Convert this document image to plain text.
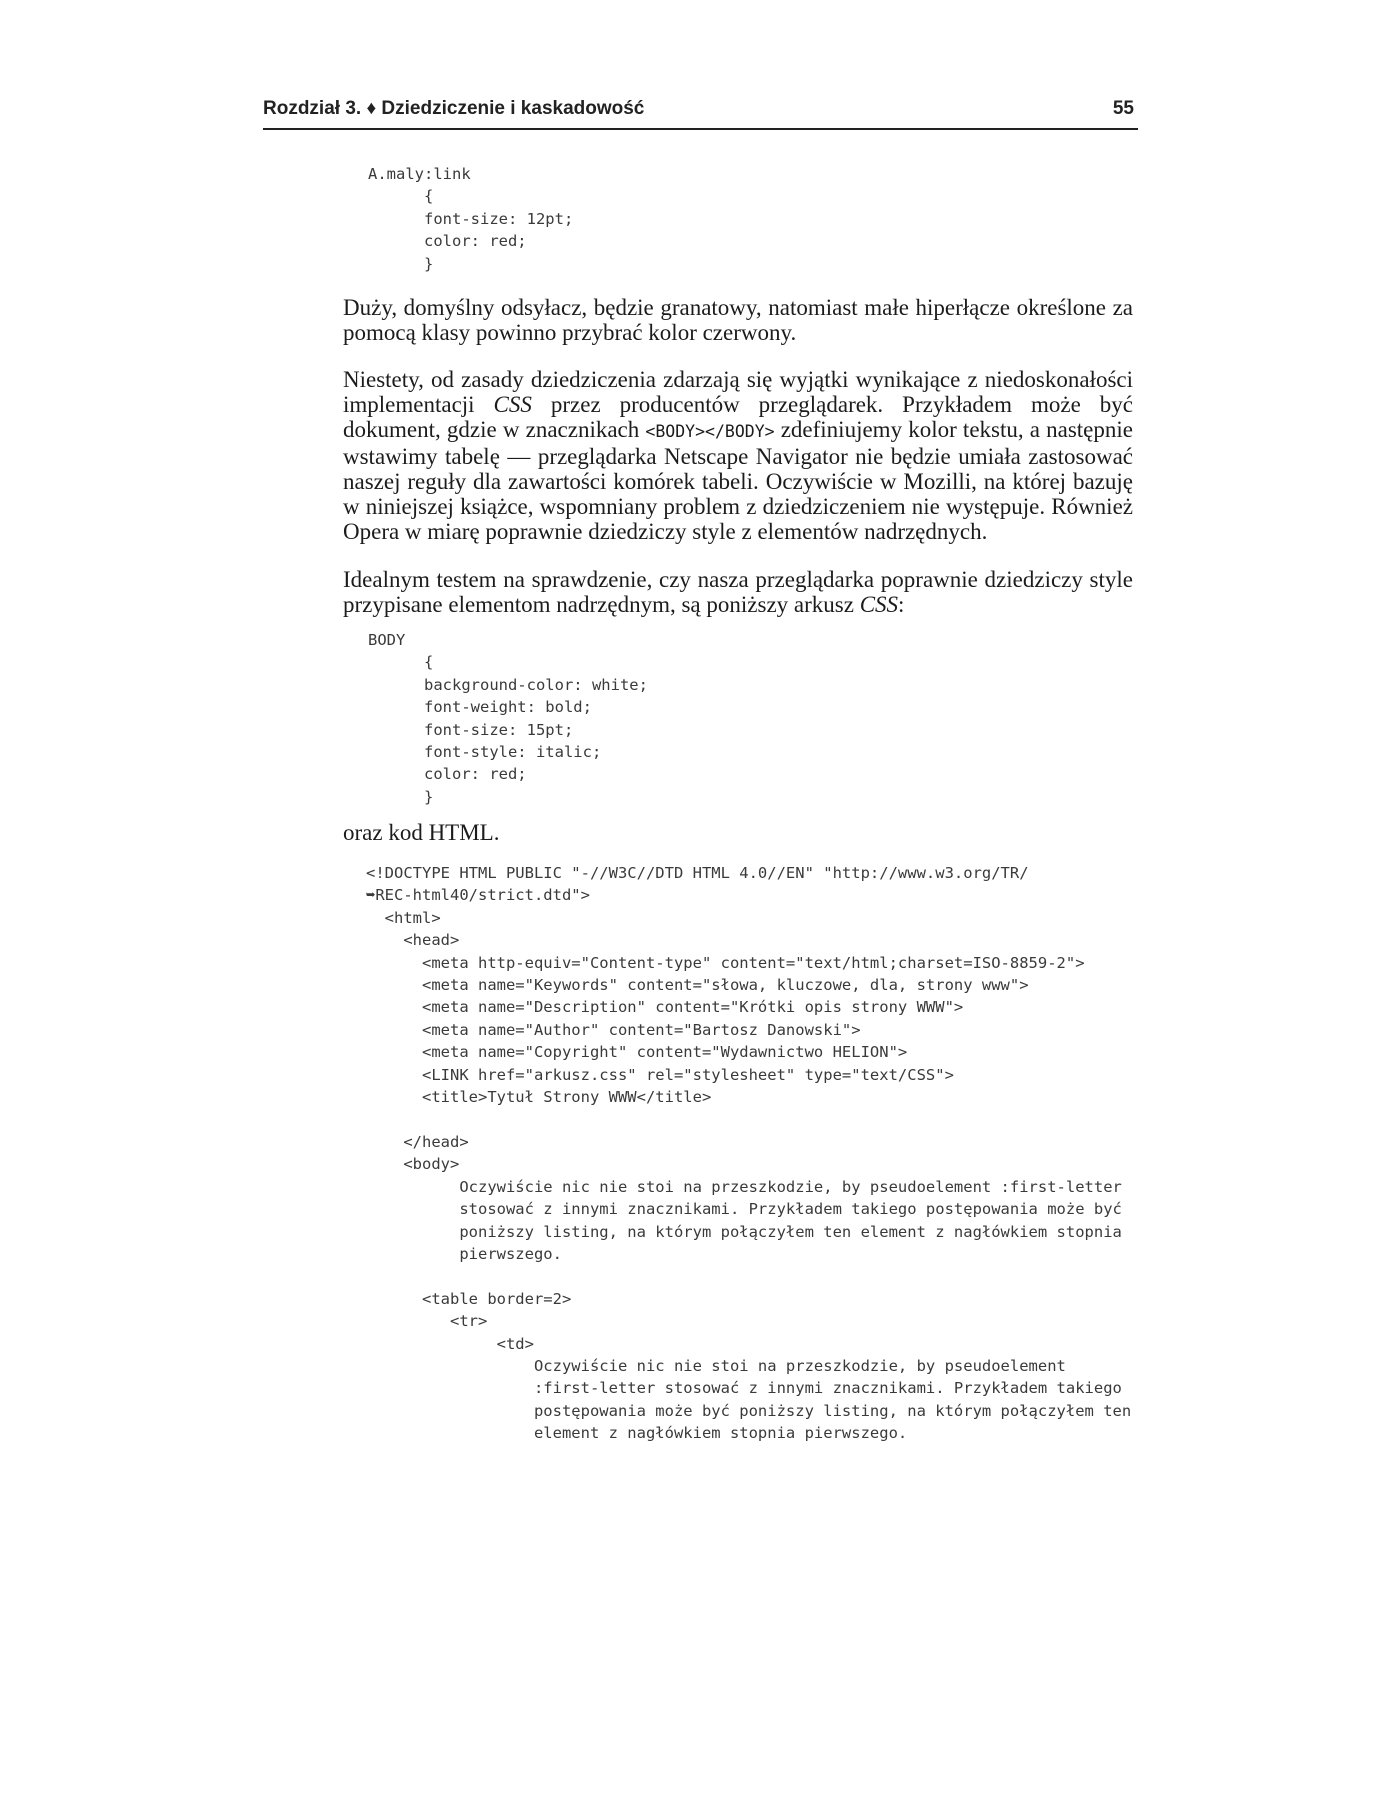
Rozdział 3. ♦ Dziedziczenie i kaskadowość	55
A.maly:link
{
font-size: 12pt;
color: red;
}

Duży, domyślny odsyłacz, będzie granatowy, natomiast małe hiperłącze określone za pomocą klasy powinno przybrać kolor czerwony.

Niestety, od zasady dziedziczenia zdarzają się wyjątki wynikające z niedoskonałości implementacji CSS przez producentów przeglądarek. Przykładem może być dokument, gdzie w znacznikach <BODY></BODY> zdefiniujemy kolor tekstu, a następnie wstawimy tabelę — przeglądarka Netscape Navigator nie będzie umiała zastosować naszej reguły dla zawartości komórek tabeli. Oczywiście w Mozilli, na której bazuję w niniejszej książce, wspomniany problem z dziedziczeniem nie występuje. Również Opera w miarę poprawnie dziedziczy style z elementów nadrzędnych.

Idealnym testem na sprawdzenie, czy nasza przeglądarka poprawnie dziedziczy style przypisane elementom nadrzędnym, są poniższy arkusz CSS:

BODY
{
background-color: white;
font-weight: bold;
font-size: 15pt;
font-style: italic;
color: red;
}

oraz kod HTML.

<!DOCTYPE HTML PUBLIC "-//W3C//DTD HTML 4.0//EN" "http://www.w3.org/TR/
➥REC-html40/strict.dtd">
<html>
<head>
<meta http-equiv="Content-type" content="text/html;charset=ISO-8859-2">
<meta name="Keywords" content="słowa, kluczowe, dla, strony www">
<meta name="Description" content="Krótki opis strony WWW">
<meta name="Author" content="Bartosz Danowski">
<meta name="Copyright" content="Wydawnictwo HELION">
<LINK href="arkusz.css" rel="stylesheet" type="text/CSS">
<title>Tytuł Strony WWW</title>

</head>
<body>
Oczywiście nic nie stoi na przeszkodzie, by pseudoelement :first-letter
stosować z innymi znacznikami. Przykładem takiego postępowania może być
poniższy listing, na którym połączyłem ten element z nagłówkiem stopnia
pierwszego.

<table border=2>
<tr>
<td>
Oczywiście nic nie stoi na przeszkodzie, by pseudoelement
:first-letter stosować z innymi znacznikami. Przykładem takiego
postępowania może być poniższy listing, na którym połączyłem ten
element z nagłówkiem stopnia pierwszego.
